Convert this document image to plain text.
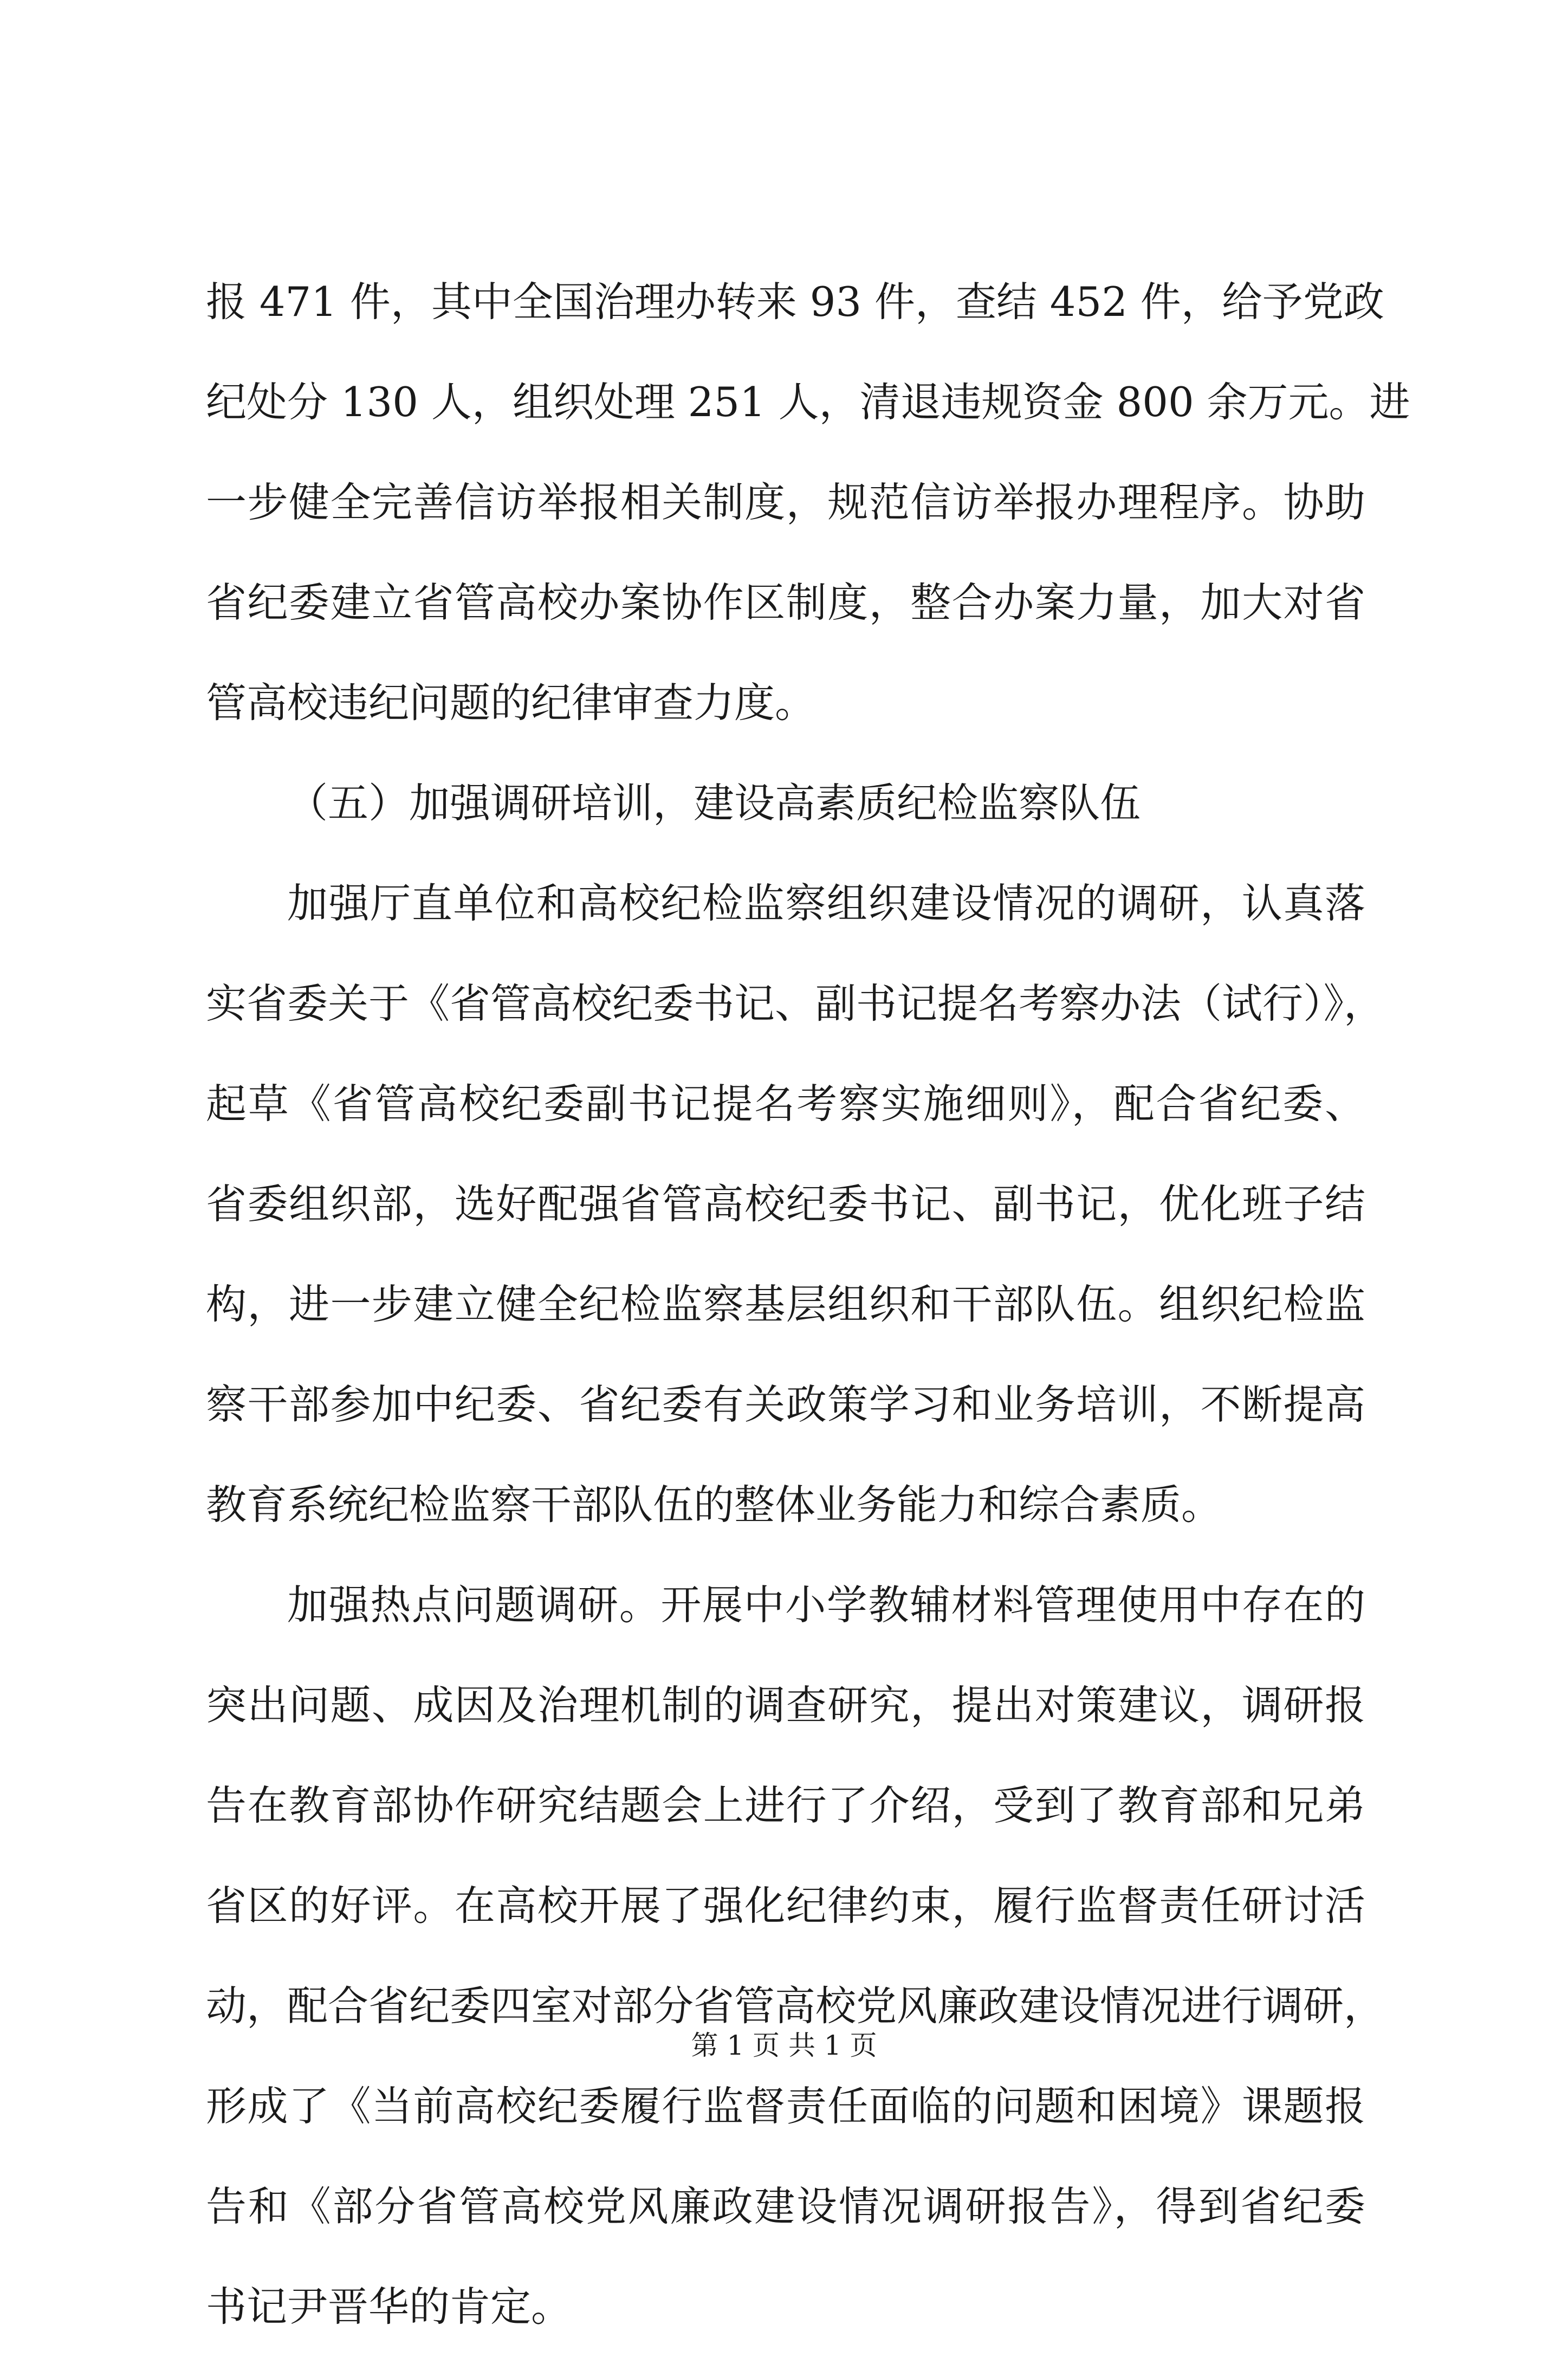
报 471 件，其中全国治理办转来 93 件，查结 452 件，给予党政
纪处分 130 人，组织处理 251 人，清退违规资金 800 余万元。进
一步健全完善信访举报相关制度，规范信访举报办理程序。协助
省纪委建立省管高校办案协作区制度，整合办案力量，加大对省
管高校违纪问题的纪律审查力度。
（五）加强调研培训，建设高素质纪检监察队伍
加强厅直单位和高校纪检监察组织建设情况的调研，认真落
实省委关于《省管高校纪委书记、副书记提名考察办法（试行）》，
起草《省管高校纪委副书记提名考察实施细则》，配合省纪委、
省委组织部，选好配强省管高校纪委书记、副书记，优化班子结
构，进一步建立健全纪检监察基层组织和干部队伍。组织纪检监
察干部参加中纪委、省纪委有关政策学习和业务培训，不断提高
教育系统纪检监察干部队伍的整体业务能力和综合素质。
加强热点问题调研。开展中小学教辅材料管理使用中存在的
突出问题、成因及治理机制的调查研究，提出对策建议，调研报
告在教育部协作研究结题会上进行了介绍，受到了教育部和兄弟
省区的好评。在高校开展了强化纪律约束，履行监督责任研讨活
动，配合省纪委四室对部分省管高校党风廉政建设情况进行调研，
形成了《当前高校纪委履行监督责任面临的问题和困境》课题报
告和《部分省管高校党风廉政建设情况调研报告》，得到省纪委
书记尹晋华的肯定。
第 1 页 共 1 页
